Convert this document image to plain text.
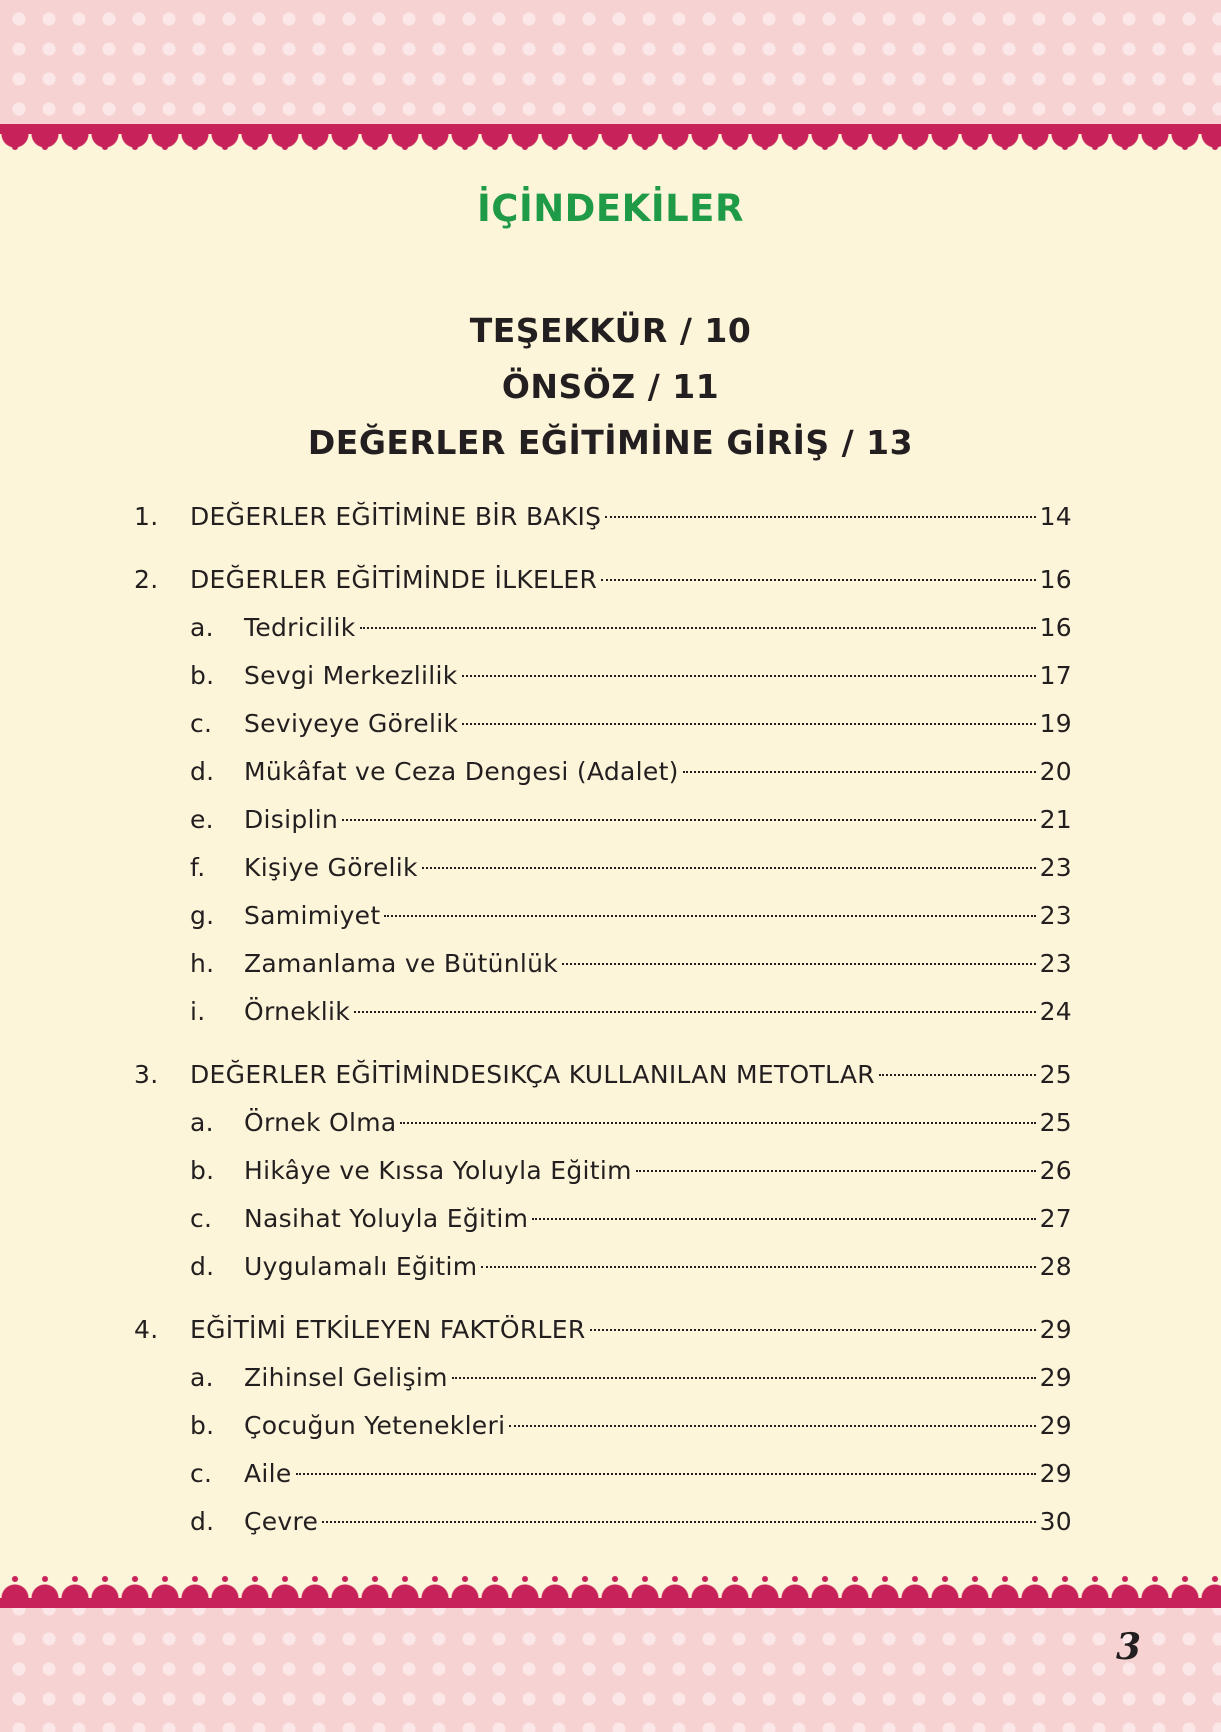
İÇİNDEKİLER
TEŞEKKÜR / 10
ÖNSÖZ / 11
DEĞERLER EĞİTİMİNE GİRİŞ / 13
1.	DEĞERLER EĞİTİMİNE BİR BAKIŞ	14
2.	DEĞERLER EĞİTİMİNDE İLKELER	16
a.	Tedricilik	16
b.	Sevgi Merkezlilik	17
c.	Seviyeye Görelik	19
d.	Mükâfat ve Ceza Dengesi (Adalet)	20
e.	Disiplin	21
f.	Kişiye Görelik	23
g.	Samimiyet	23
h.	Zamanlama ve Bütünlük	23
i.	Örneklik	24
3.	DEĞERLER EĞİTİMİNDESIKÇA KULLANILAN METOTLAR	25
a.	Örnek Olma	25
b.	Hikâye ve Kıssa Yoluyla Eğitim	26
c.	Nasihat Yoluyla Eğitim	27
d.	Uygulamalı Eğitim	28
4.	EĞİTİMİ ETKİLEYEN FAKTÖRLER	29
a.	Zihinsel Gelişim	29
b.	Çocuğun Yetenekleri	29
c.	Aile	29
d.	Çevre	30
3
